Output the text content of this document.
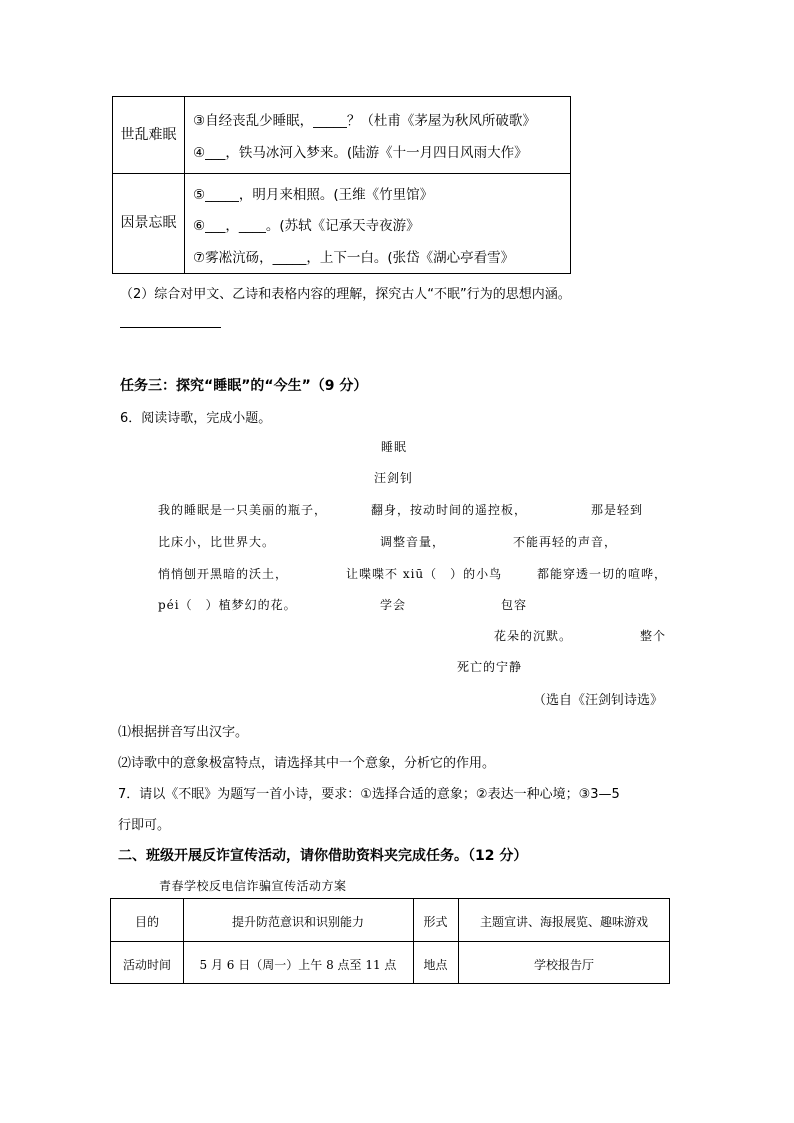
世乱难眠
③自经丧乱少睡眠，_____？（杜甫《茅屋为秋风所破歌》
④___，铁马冰河入梦来。(陆游《十一月四日风雨大作》
因景忘眠
⑤_____，明月来相照。(王维《竹里馆》
⑥___，____。(苏轼《记承天寺夜游》
⑦雾凇沆砀，_____，上下一白。(张岱《湖心亭看雪》
（2）综合对甲文、乙诗和表格内容的理解，探究古人“不眠”行为的思想内涵。
任务三：探究“睡眠”的“今生”（9 分）
6．阅读诗歌，完成小题。
睡眠
汪剑钊
我的睡眠是一只美丽的瓶子，	翻身，按动时间的遥控板，	那是轻到
比床小，比世界大。	调整音量，	不能再轻的声音，
悄悄刨开黑暗的沃土，	让喋喋不 xiū（　）的小鸟	都能穿透一切的喧哗，
péi（　）植梦幻的花。	学会	包容
花朵的沉默。	整个
死亡的宁静
（选自《汪剑钊诗选》
⑴根据拼音写出汉字。
⑵诗歌中的意象极富特点，请选择其中一个意象，分析它的作用。
7．请以《不眠》为题写一首小诗，要求：①选择合适的意象；②表达一种心境；③3—5
行即可。
二、班级开展反诈宣传活动，请你借助资料夹完成任务。（12 分）
青春学校反电信诈骗宣传活动方案
目的	提升防范意识和识别能力	形式	主题宣讲、海报展览、趣味游戏
活动时间	5 月 6 日（周一）上午 8 点至 11 点	地点	学校报告厅
